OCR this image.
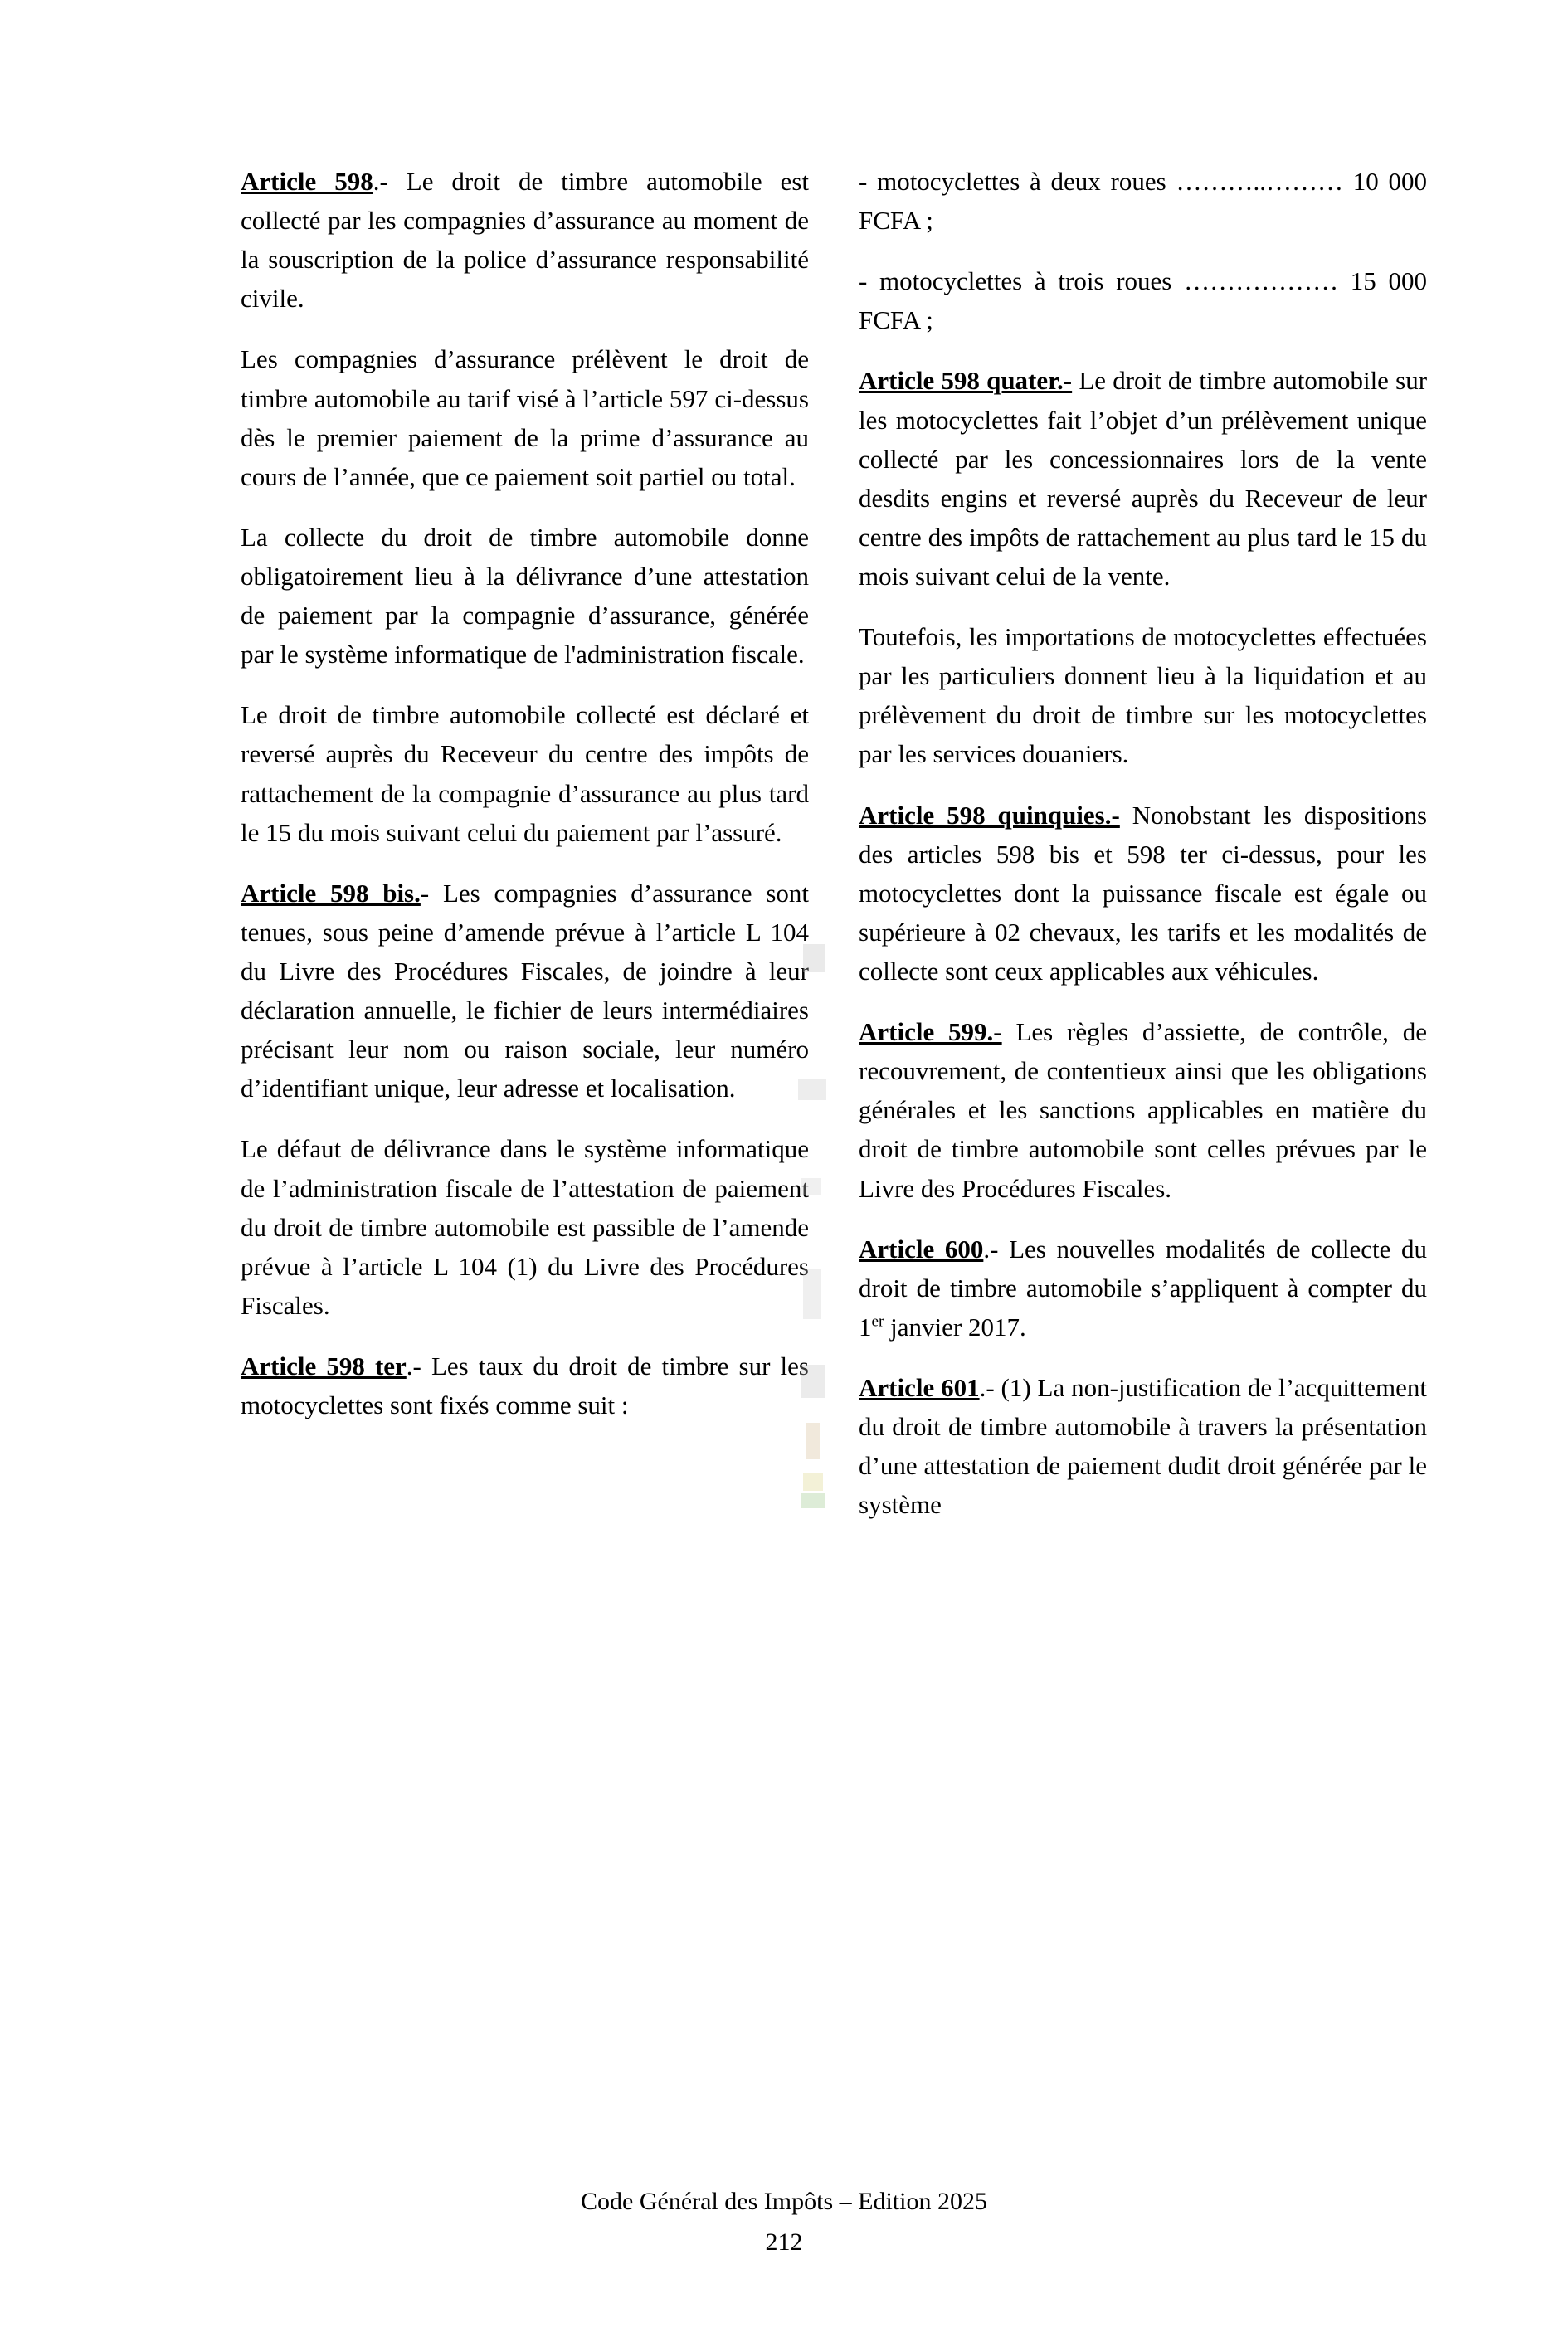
Article 598.- Le droit de timbre automobile est collecté par les compagnies d’assurance au moment de la souscription de la police d’assurance responsabilité civile.

Les compagnies d’assurance prélèvent le droit de timbre automobile au tarif visé à l’article 597 ci-dessus dès le premier paiement de la prime d’assurance au cours de l’année, que ce paiement soit partiel ou total.

La collecte du droit de timbre automobile donne obligatoirement lieu à la délivrance d’une attestation de paiement par la compagnie d’assurance, générée par le système informatique de l'administration fiscale.

Le droit de timbre automobile collecté est déclaré et reversé auprès du Receveur du centre des impôts de rattachement de la compagnie d’assurance au plus tard le 15 du mois suivant celui du paiement par l’assuré.

Article 598 bis.- Les compagnies d’assurance sont tenues, sous peine d’amende prévue à l’article L 104 du Livre des Procédures Fiscales, de joindre à leur déclaration annuelle, le fichier de leurs intermédiaires précisant leur nom ou raison sociale, leur numéro d’identifiant unique, leur adresse et localisation.

Le défaut de délivrance dans le système informatique de l’administration fiscale de l’attestation de paiement du droit de timbre automobile est passible de l’amende prévue à l’article L 104 (1) du Livre des Procédures Fiscales.

Article 598 ter.- Les taux du droit de timbre sur les motocyclettes sont fixés comme suit :

- motocyclettes à deux roues ………..……… 10 000 FCFA ;

- motocyclettes à trois roues ……………… 15 000 FCFA ;

Article 598 quater.- Le droit de timbre automobile sur les motocyclettes fait l’objet d’un prélèvement unique collecté par les concessionnaires lors de la vente desdits engins et reversé auprès du Receveur de leur centre des impôts de rattachement au plus tard le 15 du mois suivant celui de la vente.

Toutefois, les importations de motocyclettes effectuées par les particuliers donnent lieu à la liquidation et au prélèvement du droit de timbre sur les motocyclettes par les services douaniers.

Article 598 quinquies.- Nonobstant les dispositions des articles 598 bis et 598 ter ci-dessus, pour les motocyclettes dont la puissance fiscale est égale ou supérieure à 02 chevaux, les tarifs et les modalités de collecte sont ceux applicables aux véhicules.

Article 599.- Les règles d’assiette, de contrôle, de recouvrement, de contentieux ainsi que les obligations générales et les sanctions applicables en matière du droit de timbre automobile sont celles prévues par le Livre des Procédures Fiscales.

Article 600.- Les nouvelles modalités de collecte du droit de timbre automobile s’appliquent à compter du 1er janvier 2017.

Article 601.- (1) La non-justification de l’acquittement du droit de timbre automobile à travers la présentation d’une attestation de paiement dudit droit générée par le système

Code Général des Impôts – Edition 2025
212
